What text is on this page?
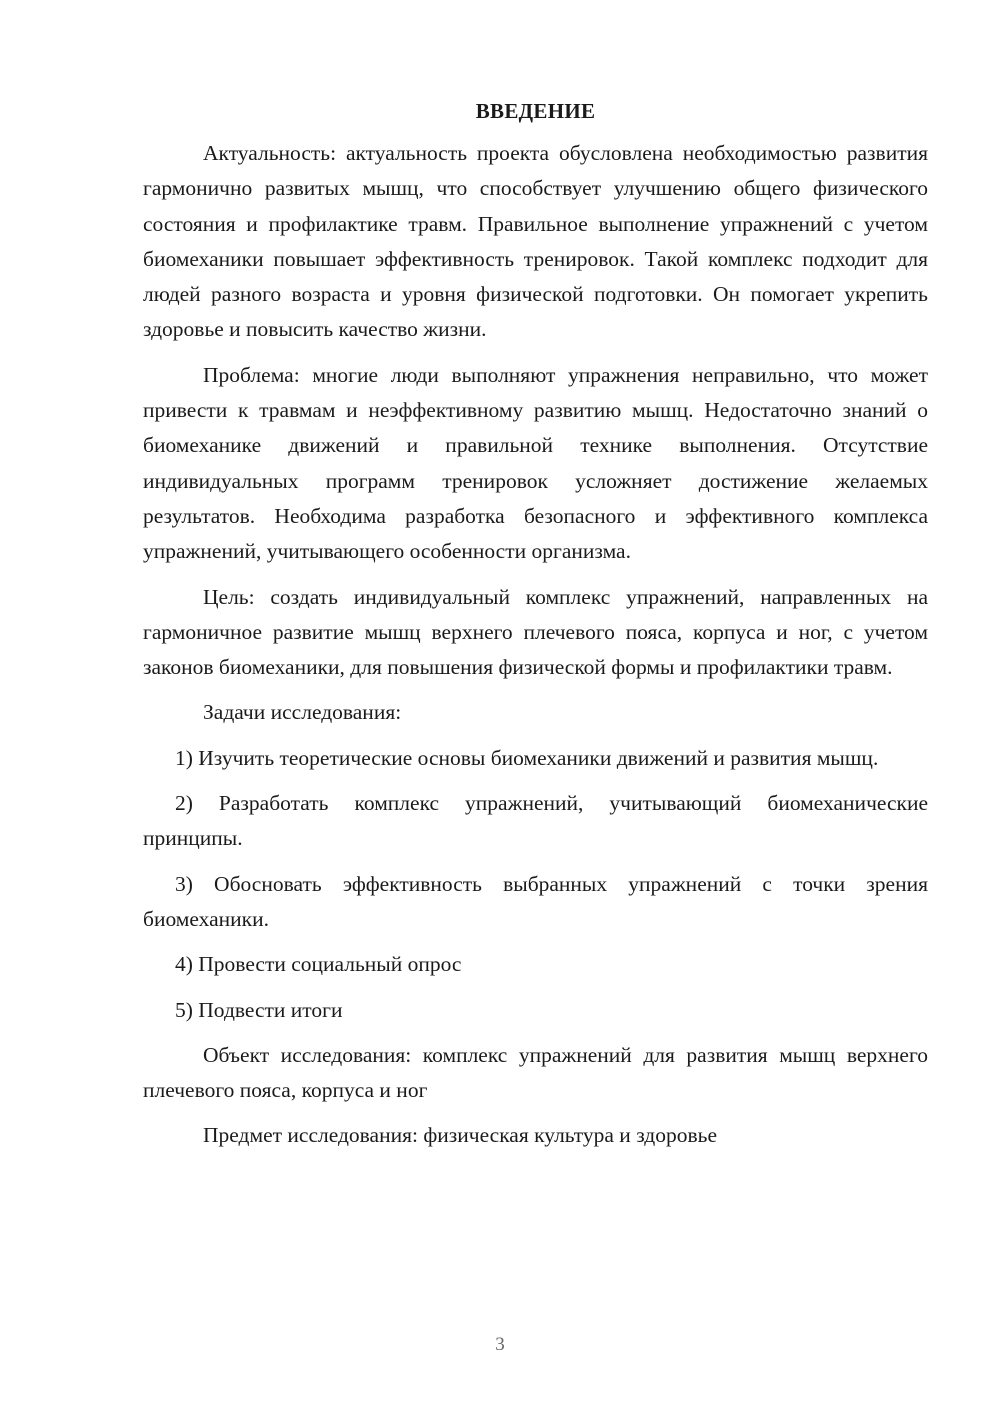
ВВЕДЕНИЕ

Актуальность: актуальность проекта обусловлена необходимостью развития гармонично развитых мышц, что способствует улучшению общего физического состояния и профилактике травм. Правильное выполнение упражнений с учетом биомеханики повышает эффективность тренировок. Такой комплекс подходит для людей разного возраста и уровня физической подготовки. Он помогает укрепить здоровье и повысить качество жизни.

Проблема: многие люди выполняют упражнения неправильно, что может привести к травмам и неэффективному развитию мышц. Недостаточно знаний о биомеханике движений и правильной технике выполнения. Отсутствие индивидуальных программ тренировок усложняет достижение желаемых результатов. Необходима разработка безопасного и эффективного комплекса упражнений, учитывающего особенности организма.

Цель: создать индивидуальный комплекс упражнений, направленных на гармоничное развитие мышц верхнего плечевого пояса, корпуса и ног, с учетом законов биомеханики, для повышения физической формы и профилактики травм.

Задачи исследования:

1) Изучить теоретические основы биомеханики движений и развития мышц.

2) Разработать комплекс упражнений, учитывающий биомеханические принципы.

3) Обосновать эффективность выбранных упражнений с точки зрения биомеханики.

4) Провести социальный опрос

5) Подвести итоги

Объект исследования: комплекс упражнений для развития мышц верхнего плечевого пояса, корпуса и ног

Предмет исследования: физическая культура и здоровье

3
